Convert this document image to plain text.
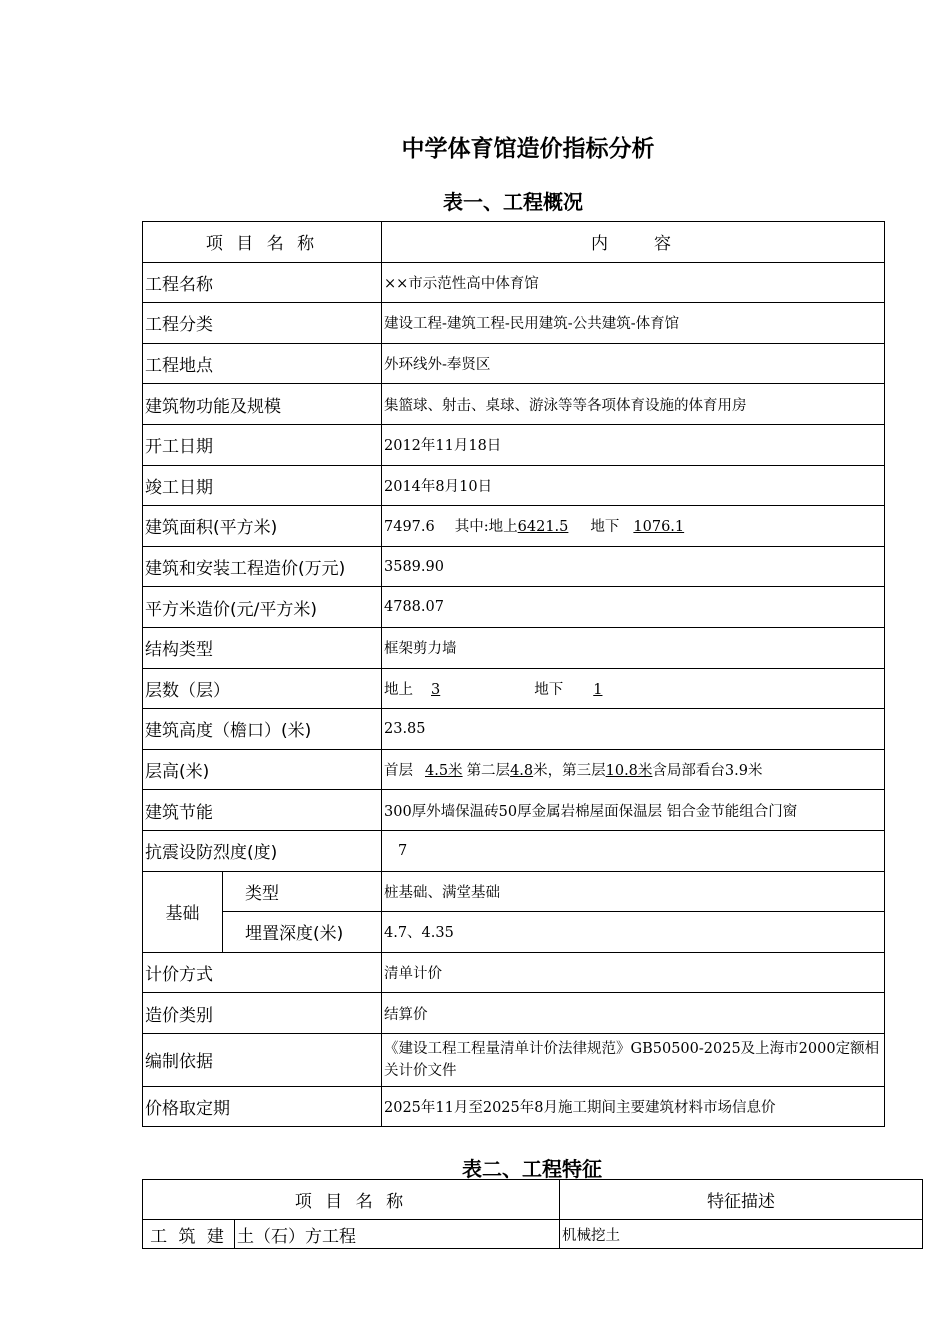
中学体育馆造价指标分析
表一、工程概况
项 目 名 称		内　　容
工程名称		××市示范性高中体育馆
工程分类		建设工程-建筑工程-民用建筑-公共建筑-体育馆
工程地点		外环线外-奉贤区
建筑物功能及规模		集篮球、射击、桌球、游泳等等各项体育设施的体育用房
开工日期		2012年11月18日
竣工日期		2014年8月10日
建筑面积(平方米)		7497.6 其中:地上6421.5 地下 1076.1
建筑和安装工程造价(万元)		3589.90
平方米造价(元/平方米)		4788.07
结构类型		框架剪力墙
层数（层）		地上 3 地下 1
建筑高度（檐口）(米)		23.85
层高(米)		首层 4.5米 第二层4.8米，第三层10.8米含局部看台3.9米
建筑节能		300厚外墙保温砖50厚金属岩棉屋面保温层 铝合金节能组合门窗
抗震设防烈度(度)		7
基础	类型	桩基础、满堂基础
	埋置深度(米)	4.7、4.35
计价方式		清单计价
造价类别		结算价
编制依据		《建设工程工程量清单计价法律规范》GB50500-2025及上海市2000定额相关计价文件
价格取定期		2025年11月至2025年8月施工期间主要建筑材料市场信息价
表二、工程特征
项 目 名 称		特征描述
工 筑 建	土（石）方工程	机械挖土
